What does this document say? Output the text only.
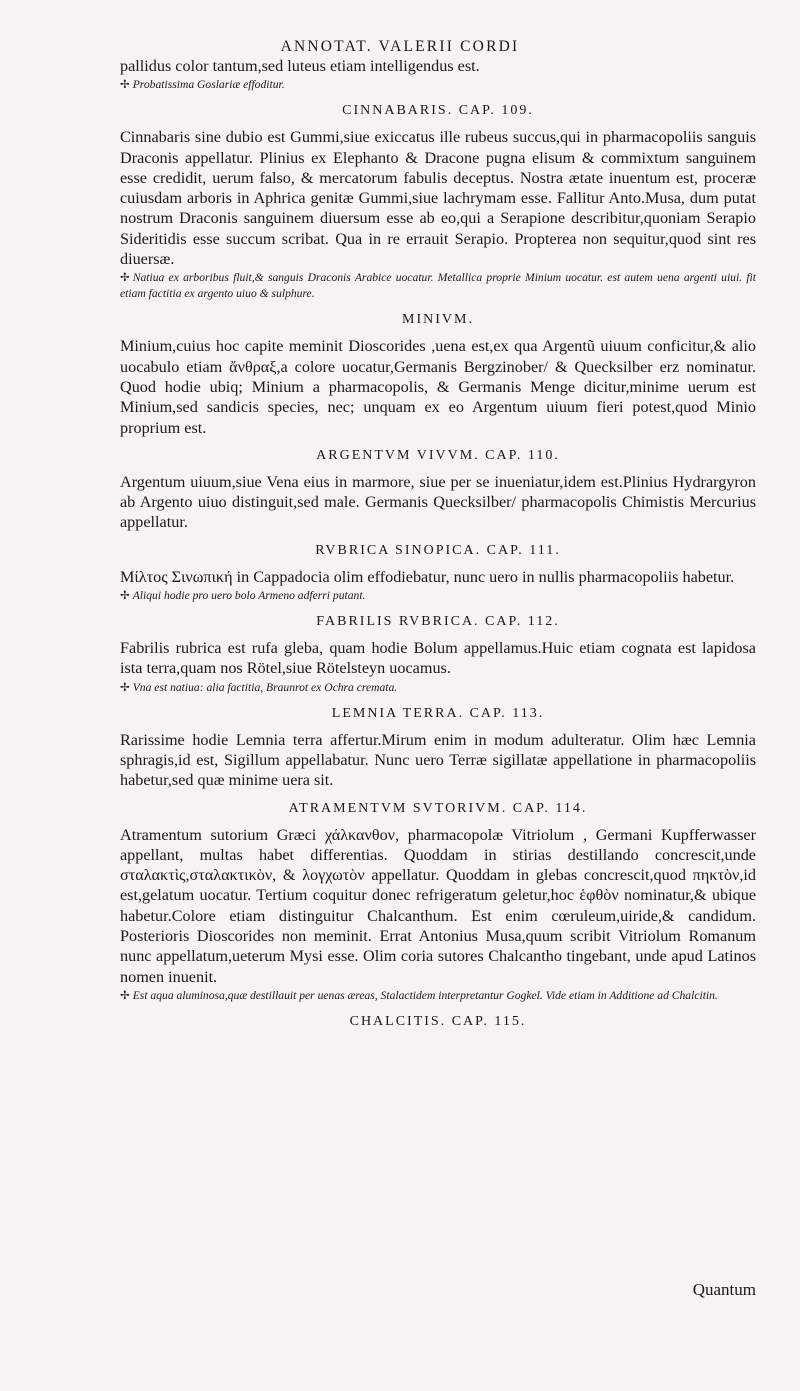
ANNOTAT. VALERII CORDI

pallidus color tantum,sed luteus etiam intelligendus est.

✢ Probatissima Goslariæ effoditur.
CINNABARIS. CAP. 109.

Cinnabaris sine dubio est Gummi,siue exiccatus ille rubeus succus,qui in pharmacopoliis sanguis Draconis appellatur. Plinius ex Elephanto & Dracone pugna elisum & commixtum sanguinem esse credidit, uerum falso, & mercatorum fabulis deceptus. Nostra ætate inuentum est, proceræ cuiusdam arboris in Aphrica genitæ Gummi,siue lachrymam esse. Fallitur Anto.Musa, dum putat nostrum Draconis sanguinem diuersum esse ab eo,qui a Serapione describitur,quoniam Serapio Sideritidis esse succum scribat. Qua in re errauit Serapio. Propterea non sequitur,quod sint res diuersæ.

✢ Natiua ex arboribus fluit,& sanguis Draconis Arabice uocatur. Metallica proprie Minium uocatur. est autem uena argenti uiui. fit etiam factitia ex argento uiuo & sulphure.
MINIVM.

Minium,cuius hoc capite meminit Dioscorides ,uena est,ex qua Argentũ uiuum conficitur,& alio uocabulo etiam ἄνθραξ,a colore uocatur,Germanis Bergzinober/ & Quecksilber erz nominatur. Quod hodie ubiq; Minium a pharmacopolis, & Germanis Menge dicitur,minime uerum est Minium,sed sandicis species, nec; unquam ex eo Argentum uiuum fieri potest,quod Minio proprium est.

ARGENTVM VIVVM. CAP. 110.

Argentum uiuum,siue Vena eius in marmore, siue per se inueniatur,idem est.Plinius Hydrargyron ab Argento uiuo distinguit,sed male. Germanis Quecksilber/ pharmacopolis Chimistis Mercurius appellatur.

RVBRICA SINOPICA. CAP. 111.

Μίλτος Σινωπική in Cappadocia olim effodiebatur, nunc uero in nullis pharmacopoliis habetur.

✢ Aliqui hodie pro uero bolo Armeno adferri putant.
FABRILIS RVBRICA. CAP. 112.

Fabrilis rubrica est rufa gleba, quam hodie Bolum appellamus.Huic etiam cognata est lapidosa ista terra,quam nos Rötel,siue Rötelsteyn uocamus.

✢ Vna est natiua: alia factitia, Braunrot ex Ochra cremata.
LEMNIA TERRA. CAP. 113.

Rarissime hodie Lemnia terra affertur.Mirum enim in modum adulteratur. Olim hæc Lemnia sphragis,id est, Sigillum appellabatur. Nunc uero Terræ sigillatæ appellatione in pharmacopoliis habetur,sed quæ minime uera sit.

ATRAMENTVM SVTORIVM. CAP. 114.

Atramentum sutorium Græci χάλκανθον, pharmacopolæ Vitriolum , Germani Kupfferwasser appellant, multas habet differentias. Quoddam in stirias destillando concrescit,unde σταλακτὶς,σταλακτικὸν, & λογχωτὸν appellatur. Quoddam in glebas concrescit,quod πηκτὸν,id est,gelatum uocatur. Tertium coquitur donec refrigeratum geletur,hoc ἑφθὸν nominatur,& ubique habetur.Colore etiam distinguitur Chalcanthum. Est enim cœruleum,uiride,& candidum. Posterioris Dioscorides non meminit. Errat Antonius Musa,quum scribit Vitriolum Romanum nunc appellatum,ueterum Mysi esse. Olim coria sutores Chalcantho tingebant, unde apud Latinos nomen inuenit.

✢ Est aqua aluminosa,quæ destillauit per uenas æreas, Stalactidem interpretantur Gogkel. Vide etiam in Additione ad Chalcitin.
CHALCITIS. CAP. 115.
Quantum
